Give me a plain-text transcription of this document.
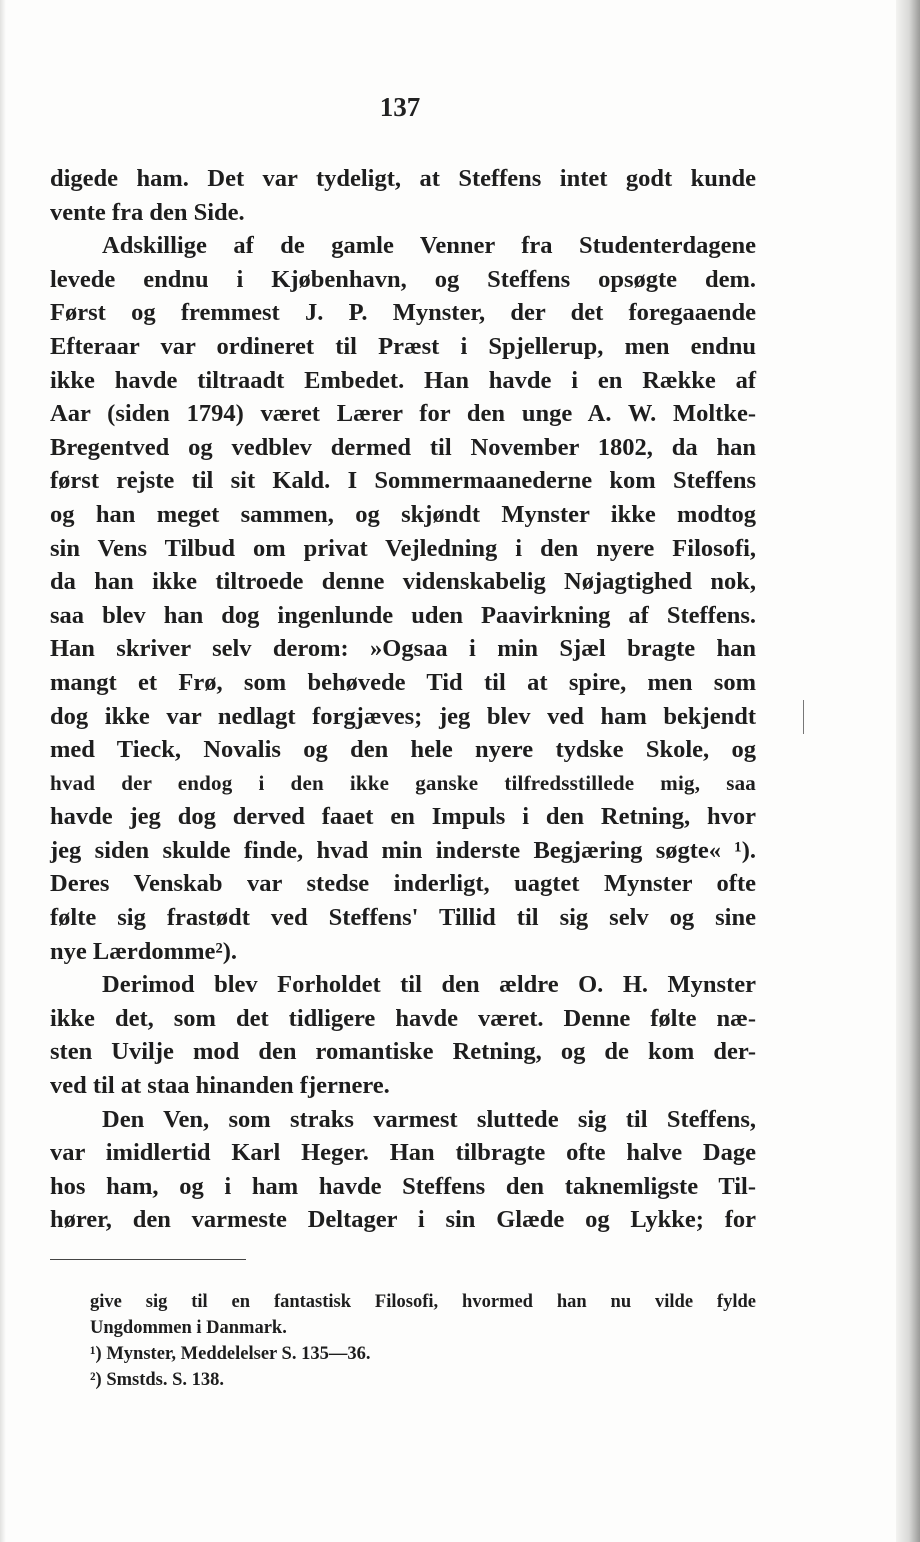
137
digede ham. Det var tydeligt, at Steffens intet godt kunde
vente fra den Side.
Adskillige af de gamle Venner fra Studenterdagene
levede endnu i Kjøbenhavn, og Steffens opsøgte dem.
Først og fremmest J. P. Mynster, der det foregaaende
Efteraar var ordineret til Præst i Spjellerup, men endnu
ikke havde tiltraadt Embedet. Han havde i en Række af
Aar (siden 1794) været Lærer for den unge A. W. Moltke-
Bregentved og vedblev dermed til November 1802, da han
først rejste til sit Kald. I Sommermaanederne kom Steffens
og han meget sammen, og skjøndt Mynster ikke modtog
sin Vens Tilbud om privat Vejledning i den nyere Filosofi,
da han ikke tiltroede denne videnskabelig Nøjagtighed nok,
saa blev han dog ingenlunde uden Paavirkning af Steffens.
Han skriver selv derom: »Ogsaa i min Sjæl bragte han
mangt et Frø, som behøvede Tid til at spire, men som
dog ikke var nedlagt forgjæves; jeg blev ved ham bekjendt
med Tieck, Novalis og den hele nyere tydske Skole, og
hvad der endog i den ikke ganske tilfredsstillede mig, saa
havde jeg dog derved faaet en Impuls i den Retning, hvor
jeg siden skulde finde, hvad min inderste Begjæring søgte« ¹).
Deres Venskab var stedse inderligt, uagtet Mynster ofte
følte sig frastødt ved Steffens' Tillid til sig selv og sine
nye Lærdomme²).
Derimod blev Forholdet til den ældre O. H. Mynster
ikke det, som det tidligere havde været. Denne følte næ-
sten Uvilje mod den romantiske Retning, og de kom der-
ved til at staa hinanden fjernere.
Den Ven, som straks varmest sluttede sig til Steffens,
var imidlertid Karl Heger. Han tilbragte ofte halve Dage
hos ham, og i ham havde Steffens den taknemligste Til-
hører, den varmeste Deltager i sin Glæde og Lykke; for
give sig til en fantastisk Filosofi, hvormed han nu vilde fylde
Ungdommen i Danmark.
¹) Mynster, Meddelelser S. 135—36.
²) Smstds. S. 138.
